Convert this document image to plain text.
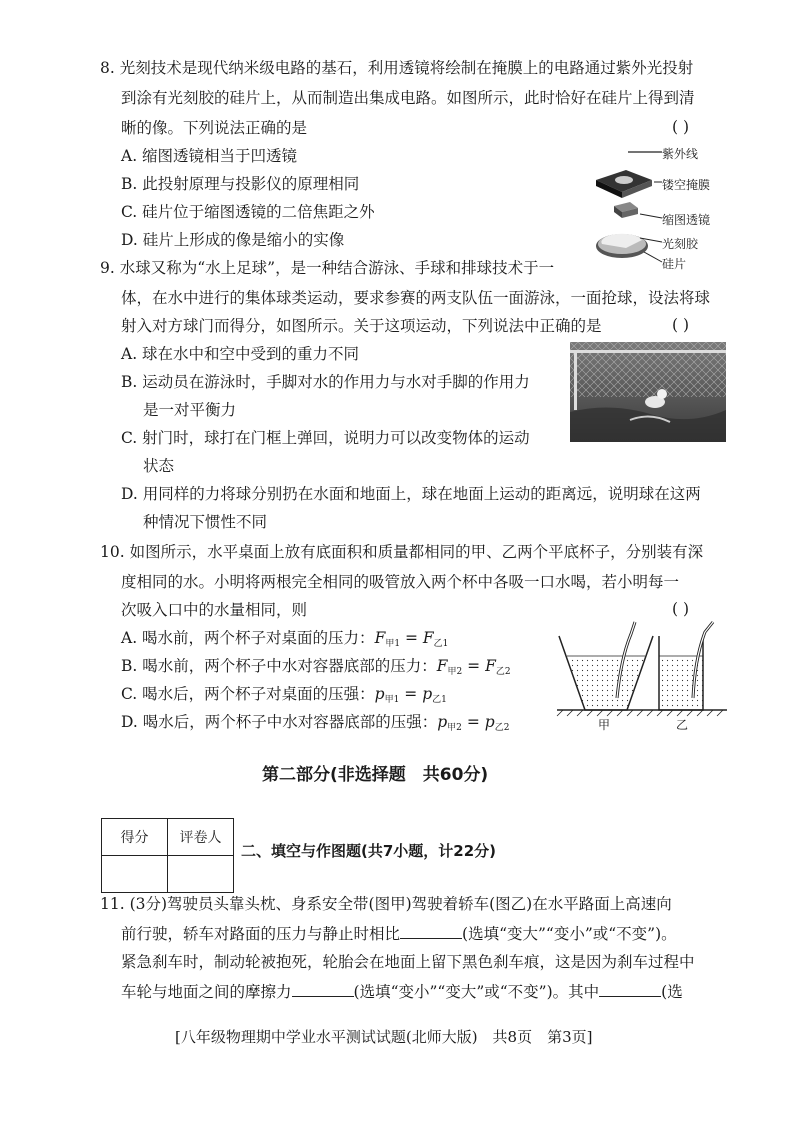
8. 光刻技术是现代纳米级电路的基石，利用透镜将绘制在掩膜上的电路通过紫外光投射
到涂有光刻胶的硅片上，从而制造出集成电路。如图所示，此时恰好在硅片上得到清
晰的像。下列说法正确的是	( )
A. 缩图透镜相当于凹透镜
B. 此投射原理与投影仪的原理相同
C. 硅片位于缩图透镜的二倍焦距之外
D. 硅片上形成的像是缩小的实像
紫外线
镂空掩膜
缩图透镜
光刻胶
硅片
9. 水球又称为“水上足球”，是一种结合游泳、手球和排球技术于一
体，在水中进行的集体球类运动，要求参赛的两支队伍一面游泳，一面抢球，设法将球
射入对方球门而得分，如图所示。关于这项运动，下列说法中正确的是	( )
A. 球在水中和空中受到的重力不同
B. 运动员在游泳时，手脚对水的作用力与水对手脚的作用力
是一对平衡力
C. 射门时，球打在门框上弹回，说明力可以改变物体的运动
状态
D. 用同样的力将球分别扔在水面和地面上，球在地面上运动的距离远，说明球在这两
种情况下惯性不同
10. 如图所示，水平桌面上放有底面积和质量都相同的甲、乙两个平底杯子，分别装有深
度相同的水。小明将两根完全相同的吸管放入两个杯中各吸一口水喝，若小明每一
次吸入口中的水量相同，则	( )
A. 喝水前，两个杯子对桌面的压力：$F_{甲1} = F_{乙1}$
B. 喝水前，两个杯子中水对容器底部的压力：$F_{甲2} = F_{乙2}$
C. 喝水后，两个杯子对桌面的压强：$p_{甲1} = p_{乙1}$
D. 喝水后，两个杯子中水对容器底部的压强：$p_{甲2} = p_{乙2}$	甲	乙
第二部分(非选择题　共60分)
得分	评卷人

二、填空与作图题(共7小题，计22分)
11. (3分)驾驶员头靠头枕、身系安全带(图甲)驾驶着轿车(图乙)在水平路面上高速向
前行驶，轿车对路面的压力与静止时相比	(选填“变大”“变小”或“不变”)。
紧急刹车时，制动轮被抱死，轮胎会在地面上留下黑色刹车痕，这是因为刹车过程中
车轮与地面之间的摩擦力	(选填“变小”“变大”或“不变”)。其中	(选
[八年级物理期中学业水平测试试题(北师大版)　共8页　第3页]
